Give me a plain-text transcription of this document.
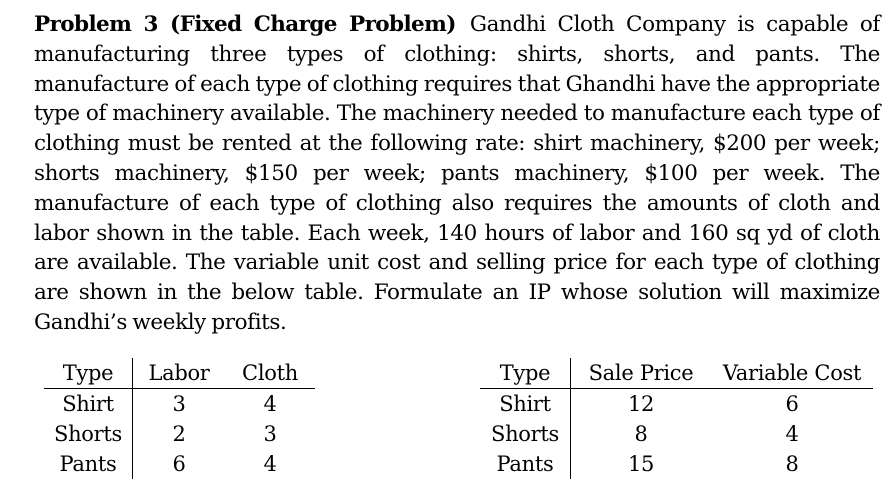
Problem 3 (Fixed Charge Problem) Gandhi Cloth Company is capable of manufacturing three types of clothing: shirts, shorts, and pants. The manufacture of each type of clothing requires that Ghandhi have the appropriate type of machinery available. The machinery needed to manufacture each type of clothing must be rented at the following rate: shirt machinery, $200 per week; shorts machinery, $150 per week; pants machinery, $100 per week. The manufacture of each type of clothing also requires the amounts of cloth and labor shown in the table. Each week, 140 hours of labor and 160 sq yd of cloth are available. The variable unit cost and selling price for each type of clothing are shown in the below table. Formulate an IP whose solution will maximize Gandhi’s weekly profits.

Type	Labor	Cloth
Shirt	3	4
Shorts	2	3
Pants	6	4
Type	Sale Price	Variable Cost
Shirt	12	6
Shorts	8	4
Pants	15	8
